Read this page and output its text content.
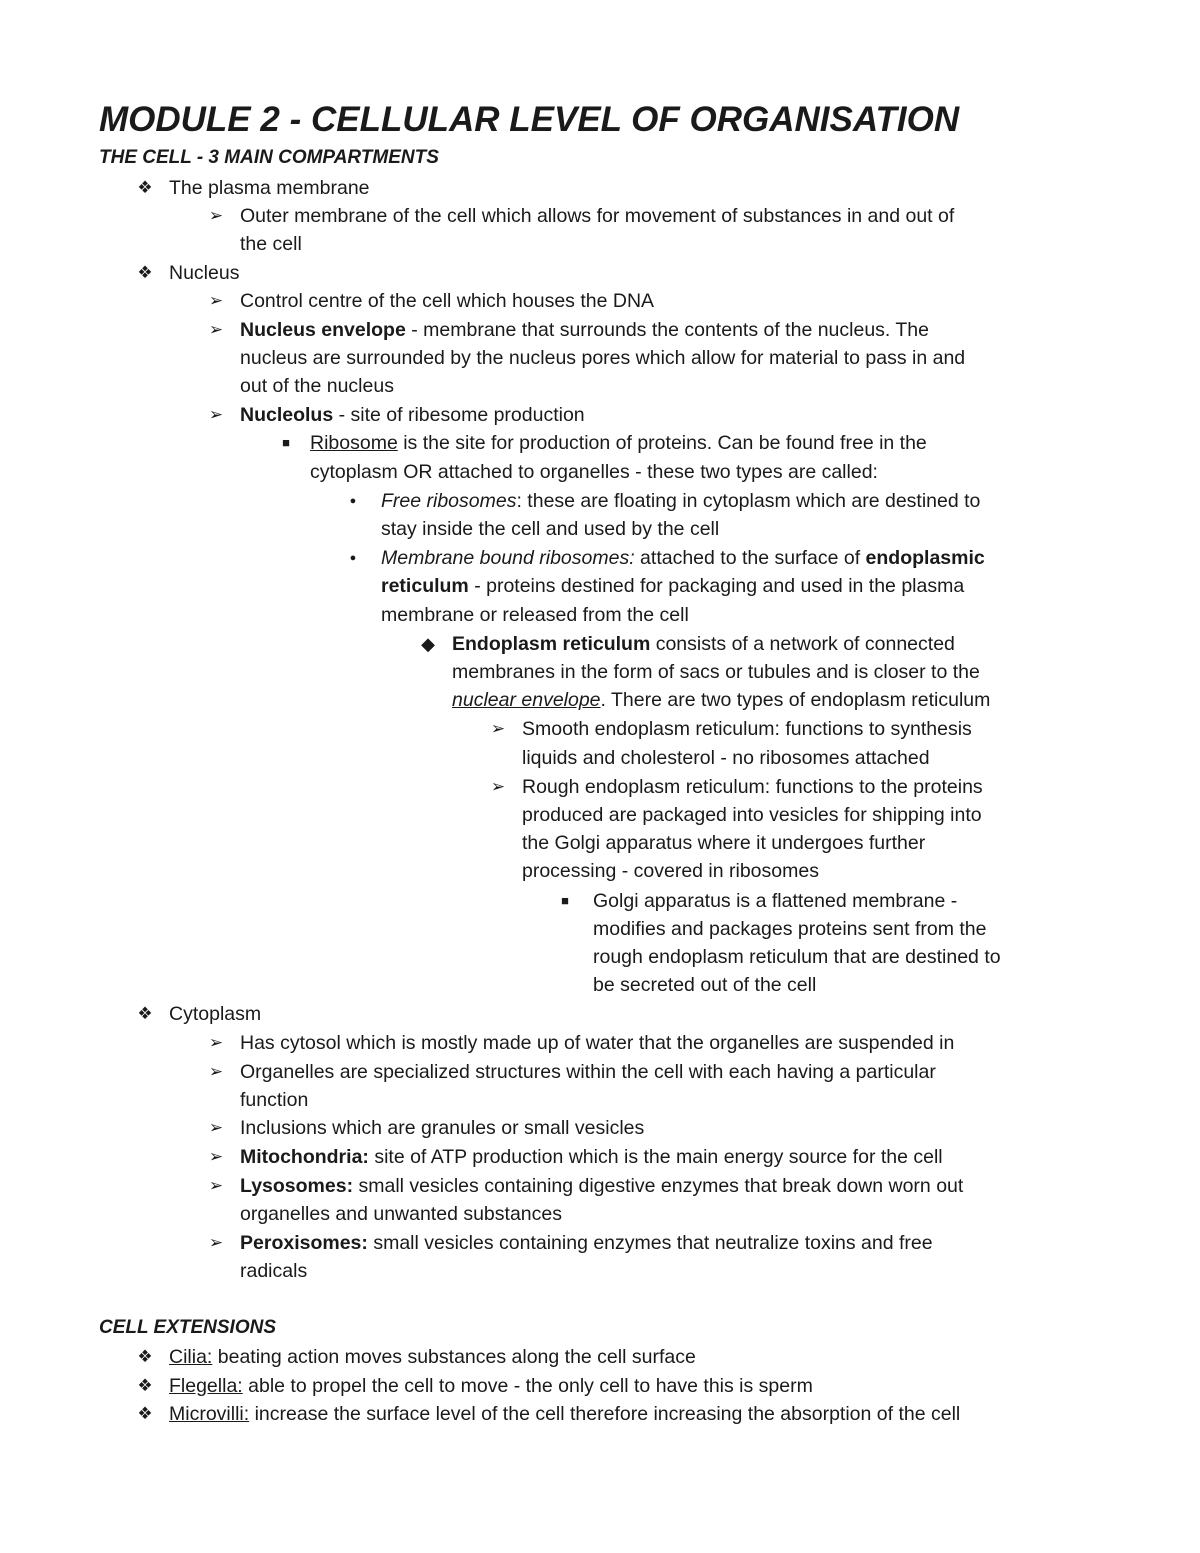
MODULE 2 - CELLULAR LEVEL OF ORGANISATION
THE CELL - 3 MAIN COMPARTMENTS
❖ The plasma membrane
➢ Outer membrane of the cell which allows for movement of substances in and out of
the cell
❖ Nucleus
➢ Control centre of the cell which houses the DNA
➢ Nucleus envelope - membrane that surrounds the contents of the nucleus. The
nucleus are surrounded by the nucleus pores which allow for material to pass in and
out of the nucleus
➢ Nucleolus - site of ribesome production
■	Ribosome is the site for production of proteins. Can be found free in the
cytoplasm OR attached to organelles - these two types are called:
●	Free ribosomes: these are floating in cytoplasm which are destined to
stay inside the cell and used by the cell
●	Membrane bound ribosomes: attached to the surface of endoplasmic
reticulum - proteins destined for packaging and used in the plasma
membrane or released from the cell
◆ Endoplasm reticulum consists of a network of connected
membranes in the form of sacs or tubules and is closer to the
nuclear envelope. There are two types of endoplasm reticulum
➢ Smooth endoplasm reticulum: functions to synthesis
liquids and cholesterol - no ribosomes attached
➢ Rough endoplasm reticulum: functions to the proteins
produced are packaged into vesicles for shipping into
the Golgi apparatus where it undergoes further
processing - covered in ribosomes
■	Golgi apparatus is a flattened membrane -
modifies and packages proteins sent from the
rough endoplasm reticulum that are destined to
be secreted out of the cell
❖ Cytoplasm
➢ Has cytosol which is mostly made up of water that the organelles are suspended in
➢ Organelles are specialized structures within the cell with each having a particular
function
➢ Inclusions which are granules or small vesicles
➢ Mitochondria: site of ATP production which is the main energy source for the cell
➢ Lysosomes: small vesicles containing digestive enzymes that break down worn out
organelles and unwanted substances
➢ Peroxisomes: small vesicles containing enzymes that neutralize toxins and free
radicals
CELL EXTENSIONS
❖ Cilia: beating action moves substances along the cell surface
❖ Flegella: able to propel the cell to move - the only cell to have this is sperm
❖ Microvilli: increase the surface level of the cell therefore increasing the absorption of the cell
